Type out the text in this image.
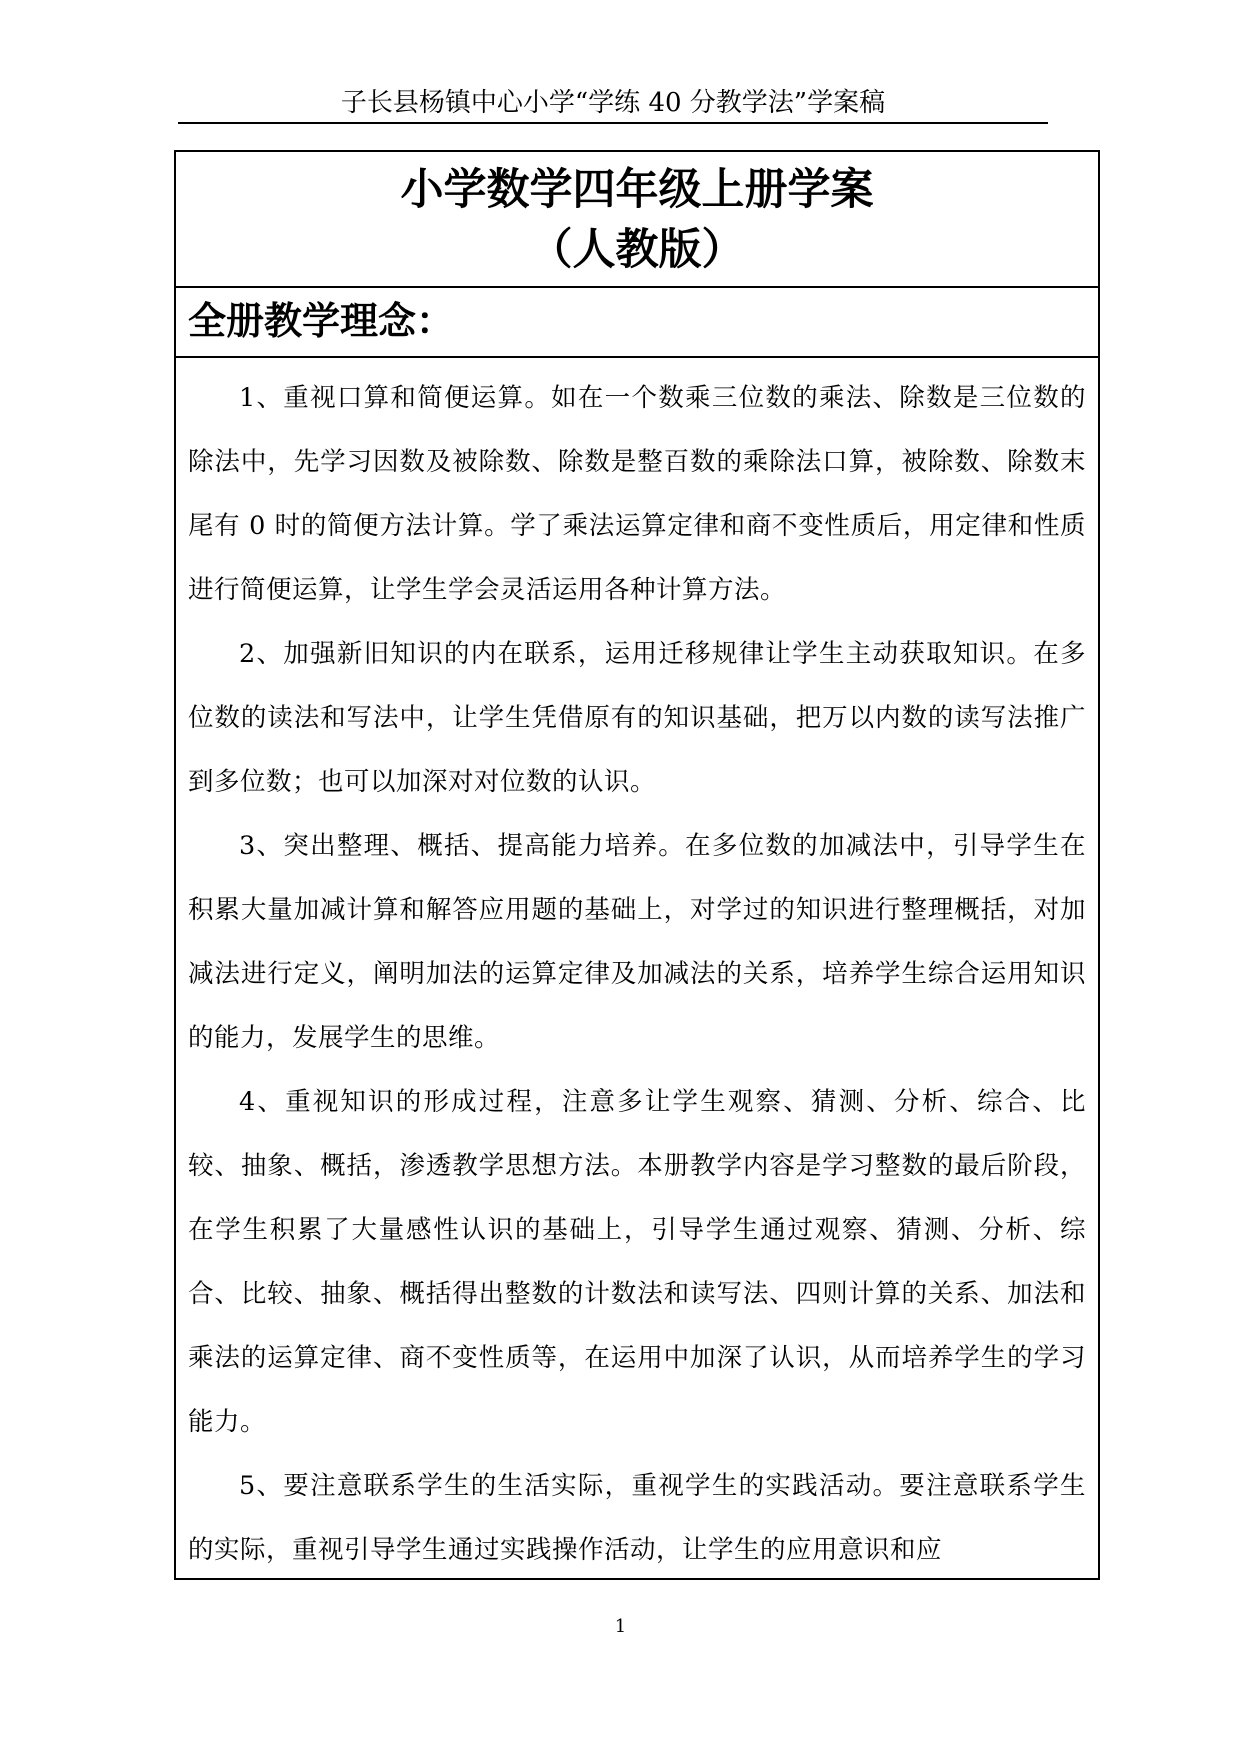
子长县杨镇中心小学“学练 40 分教学法”学案稿

小学数学四年级上册学案

（人教版）

全册教学理念：

1、重视口算和简便运算。如在一个数乘三位数的乘法、除数是三位数的除法中，先学习因数及被除数、除数是整百数的乘除法口算，被除数、除数末尾有 0 时的简便方法计算。学了乘法运算定律和商不变性质后，用定律和性质进行简便运算，让学生学会灵活运用各种计算方法。

2、加强新旧知识的内在联系，运用迁移规律让学生主动获取知识。在多位数的读法和写法中，让学生凭借原有的知识基础，把万以内数的读写法推广到多位数；也可以加深对对位数的认识。

3、突出整理、概括、提高能力培养。在多位数的加减法中，引导学生在积累大量加减计算和解答应用题的基础上，对学过的知识进行整理概括，对加减法进行定义，阐明加法的运算定律及加减法的关系，培养学生综合运用知识的能力，发展学生的思维。

4、重视知识的形成过程，注意多让学生观察、猜测、分析、综合、比较、抽象、概括，渗透教学思想方法。本册教学内容是学习整数的最后阶段，在学生积累了大量感性认识的基础上，引导学生通过观察、猜测、分析、综合、比较、抽象、概括得出整数的计数法和读写法、四则计算的关系、加法和乘法的运算定律、商不变性质等，在运用中加深了认识，从而培养学生的学习能力。

5、要注意联系学生的生活实际，重视学生的实践活动。要注意联系学生的实际，重视引导学生通过实践操作活动，让学生的应用意识和应

1
